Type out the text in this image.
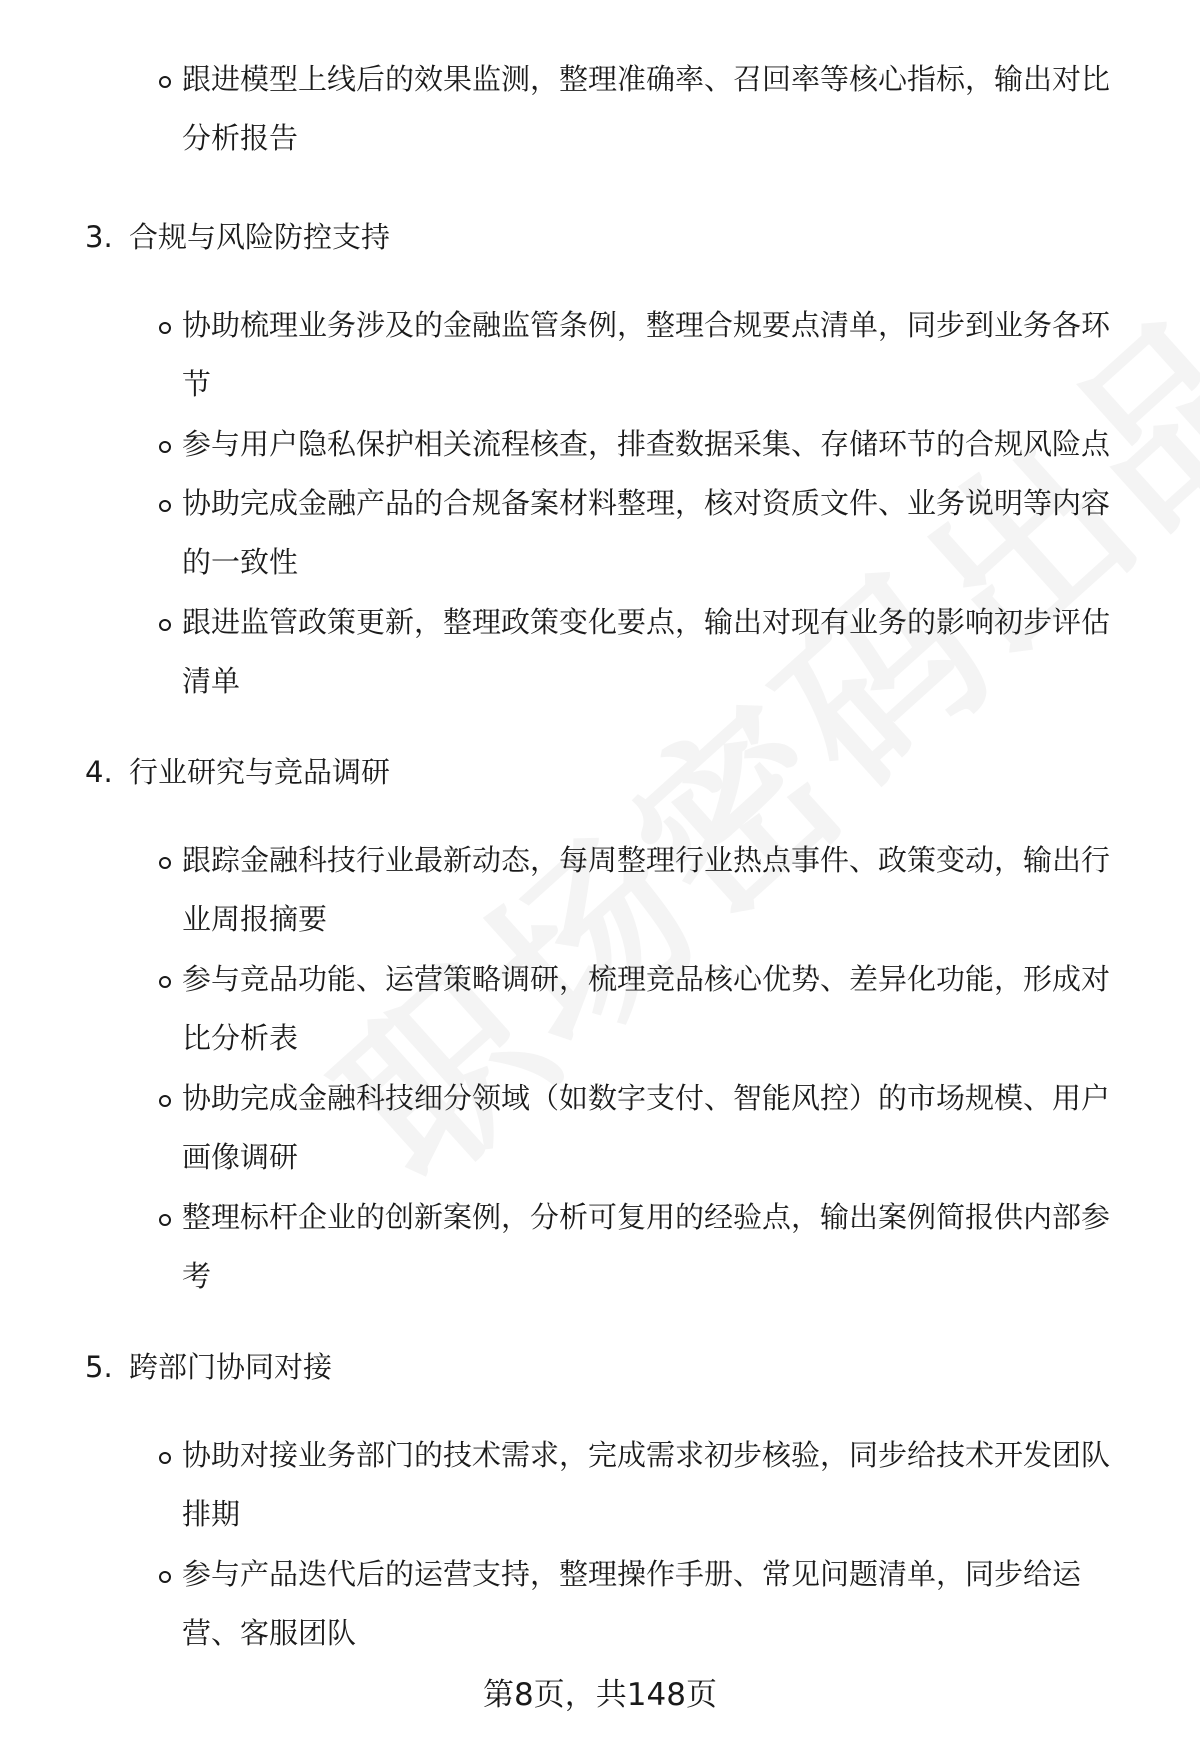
跟进模型上线后的效果监测，整理准确率、召回率等核心指标，输出对比分析报告
3. 合规与风险防控支持
协助梳理业务涉及的金融监管条例，整理合规要点清单，同步到业务各环节
参与用户隐私保护相关流程核查，排查数据采集、存储环节的合规风险点
协助完成金融产品的合规备案材料整理，核对资质文件、业务说明等内容的一致性
跟进监管政策更新，整理政策变化要点，输出对现有业务的影响初步评估清单
4. 行业研究与竞品调研
跟踪金融科技行业最新动态，每周整理行业热点事件、政策变动，输出行业周报摘要
参与竞品功能、运营策略调研，梳理竞品核心优势、差异化功能，形成对比分析表
协助完成金融科技细分领域（如数字支付、智能风控）的市场规模、用户画像调研
整理标杆企业的创新案例，分析可复用的经验点，输出案例简报供内部参考
5. 跨部门协同对接
协助对接业务部门的技术需求，完成需求初步核验，同步给技术开发团队排期
参与产品迭代后的运营支持，整理操作手册、常见问题清单，同步给运营、客服团队
第8页，共148页
